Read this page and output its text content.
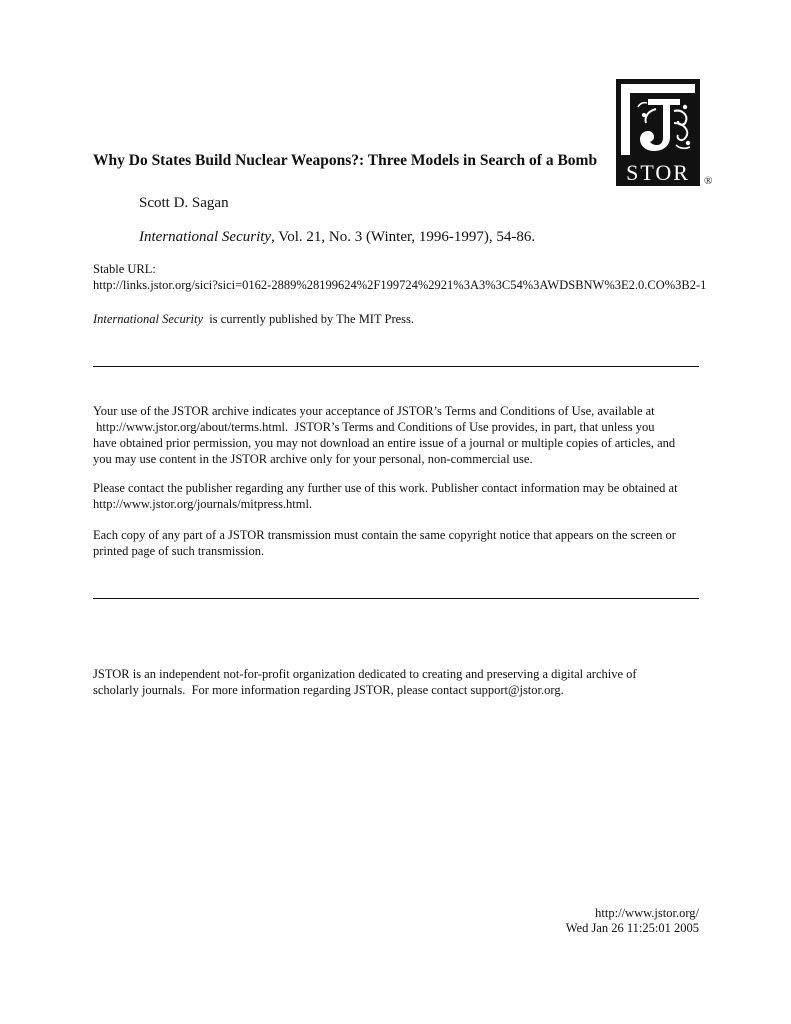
STOR	®
Why Do States Build Nuclear Weapons?: Three Models in Search of a Bomb
Scott D. Sagan
International Security, Vol. 21, No. 3 (Winter, 1996-1997), 54-86.
Stable URL:
http://links.jstor.org/sici?sici=0162-2889%28199624%2F199724%2921%3A3%3C54%3AWDSBNW%3E2.0.CO%3B2-1
International Security  is currently published by The MIT Press.
Your use of the JSTOR archive indicates your acceptance of JSTOR’s Terms and Conditions of Use, available at
http://www.jstor.org/about/terms.html.  JSTOR’s Terms and Conditions of Use provides, in part, that unless you
have obtained prior permission, you may not download an entire issue of a journal or multiple copies of articles, and
you may use content in the JSTOR archive only for your personal, non-commercial use.
Please contact the publisher regarding any further use of this work. Publisher contact information may be obtained at
http://www.jstor.org/journals/mitpress.html.
Each copy of any part of a JSTOR transmission must contain the same copyright notice that appears on the screen or
printed page of such transmission.
JSTOR is an independent not-for-profit organization dedicated to creating and preserving a digital archive of
scholarly journals.  For more information regarding JSTOR, please contact support@jstor.org.
http://www.jstor.org/
Wed Jan 26 11:25:01 2005
